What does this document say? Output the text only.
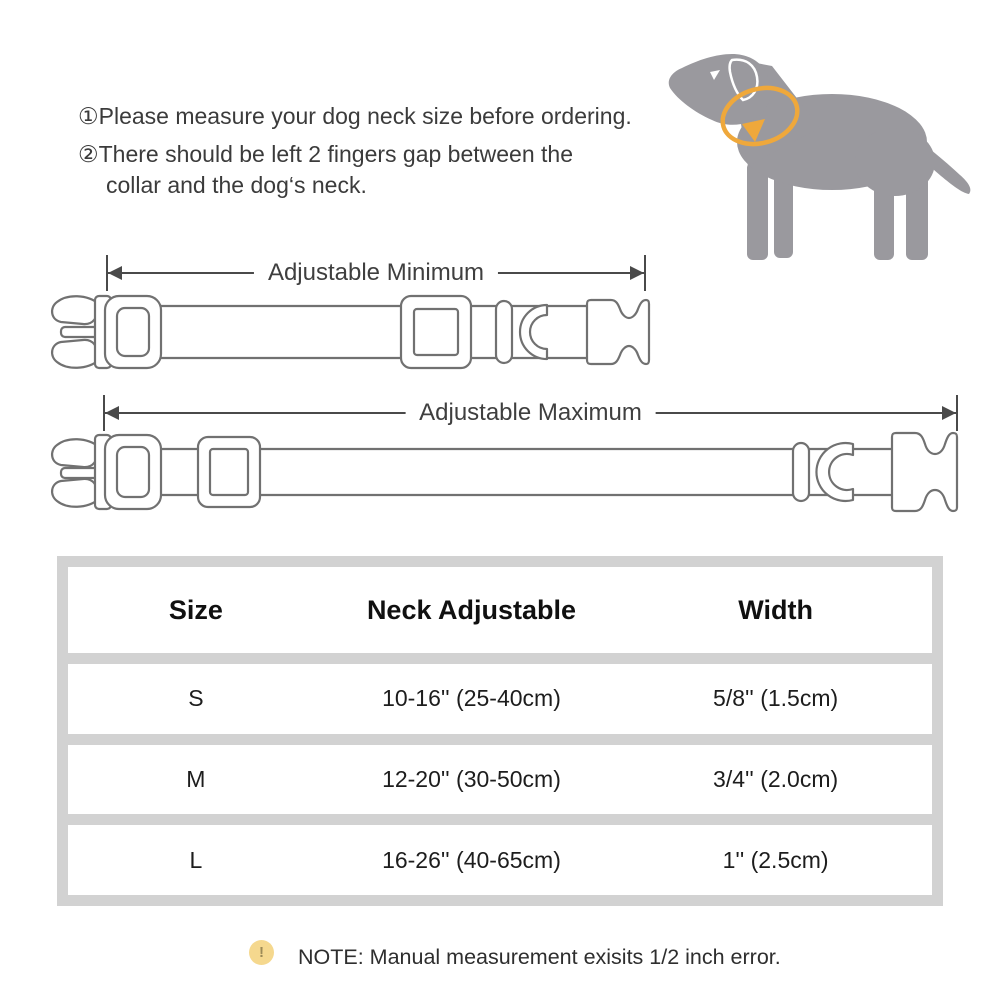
①Please measure your dog neck size before ordering.
②There should be left 2 fingers gap between the
collar and the dog‘s neck.
Adjustable Minimum
Adjustable Maximum
Size	Neck Adjustable	Width
S	10-16'' (25-40cm)	5/8'' (1.5cm)
M	12-20'' (30-50cm)	3/4'' (2.0cm)
L	16-26'' (40-65cm)	1'' (2.5cm)
!	NOTE: Manual measurement exisits 1/2 inch error.
